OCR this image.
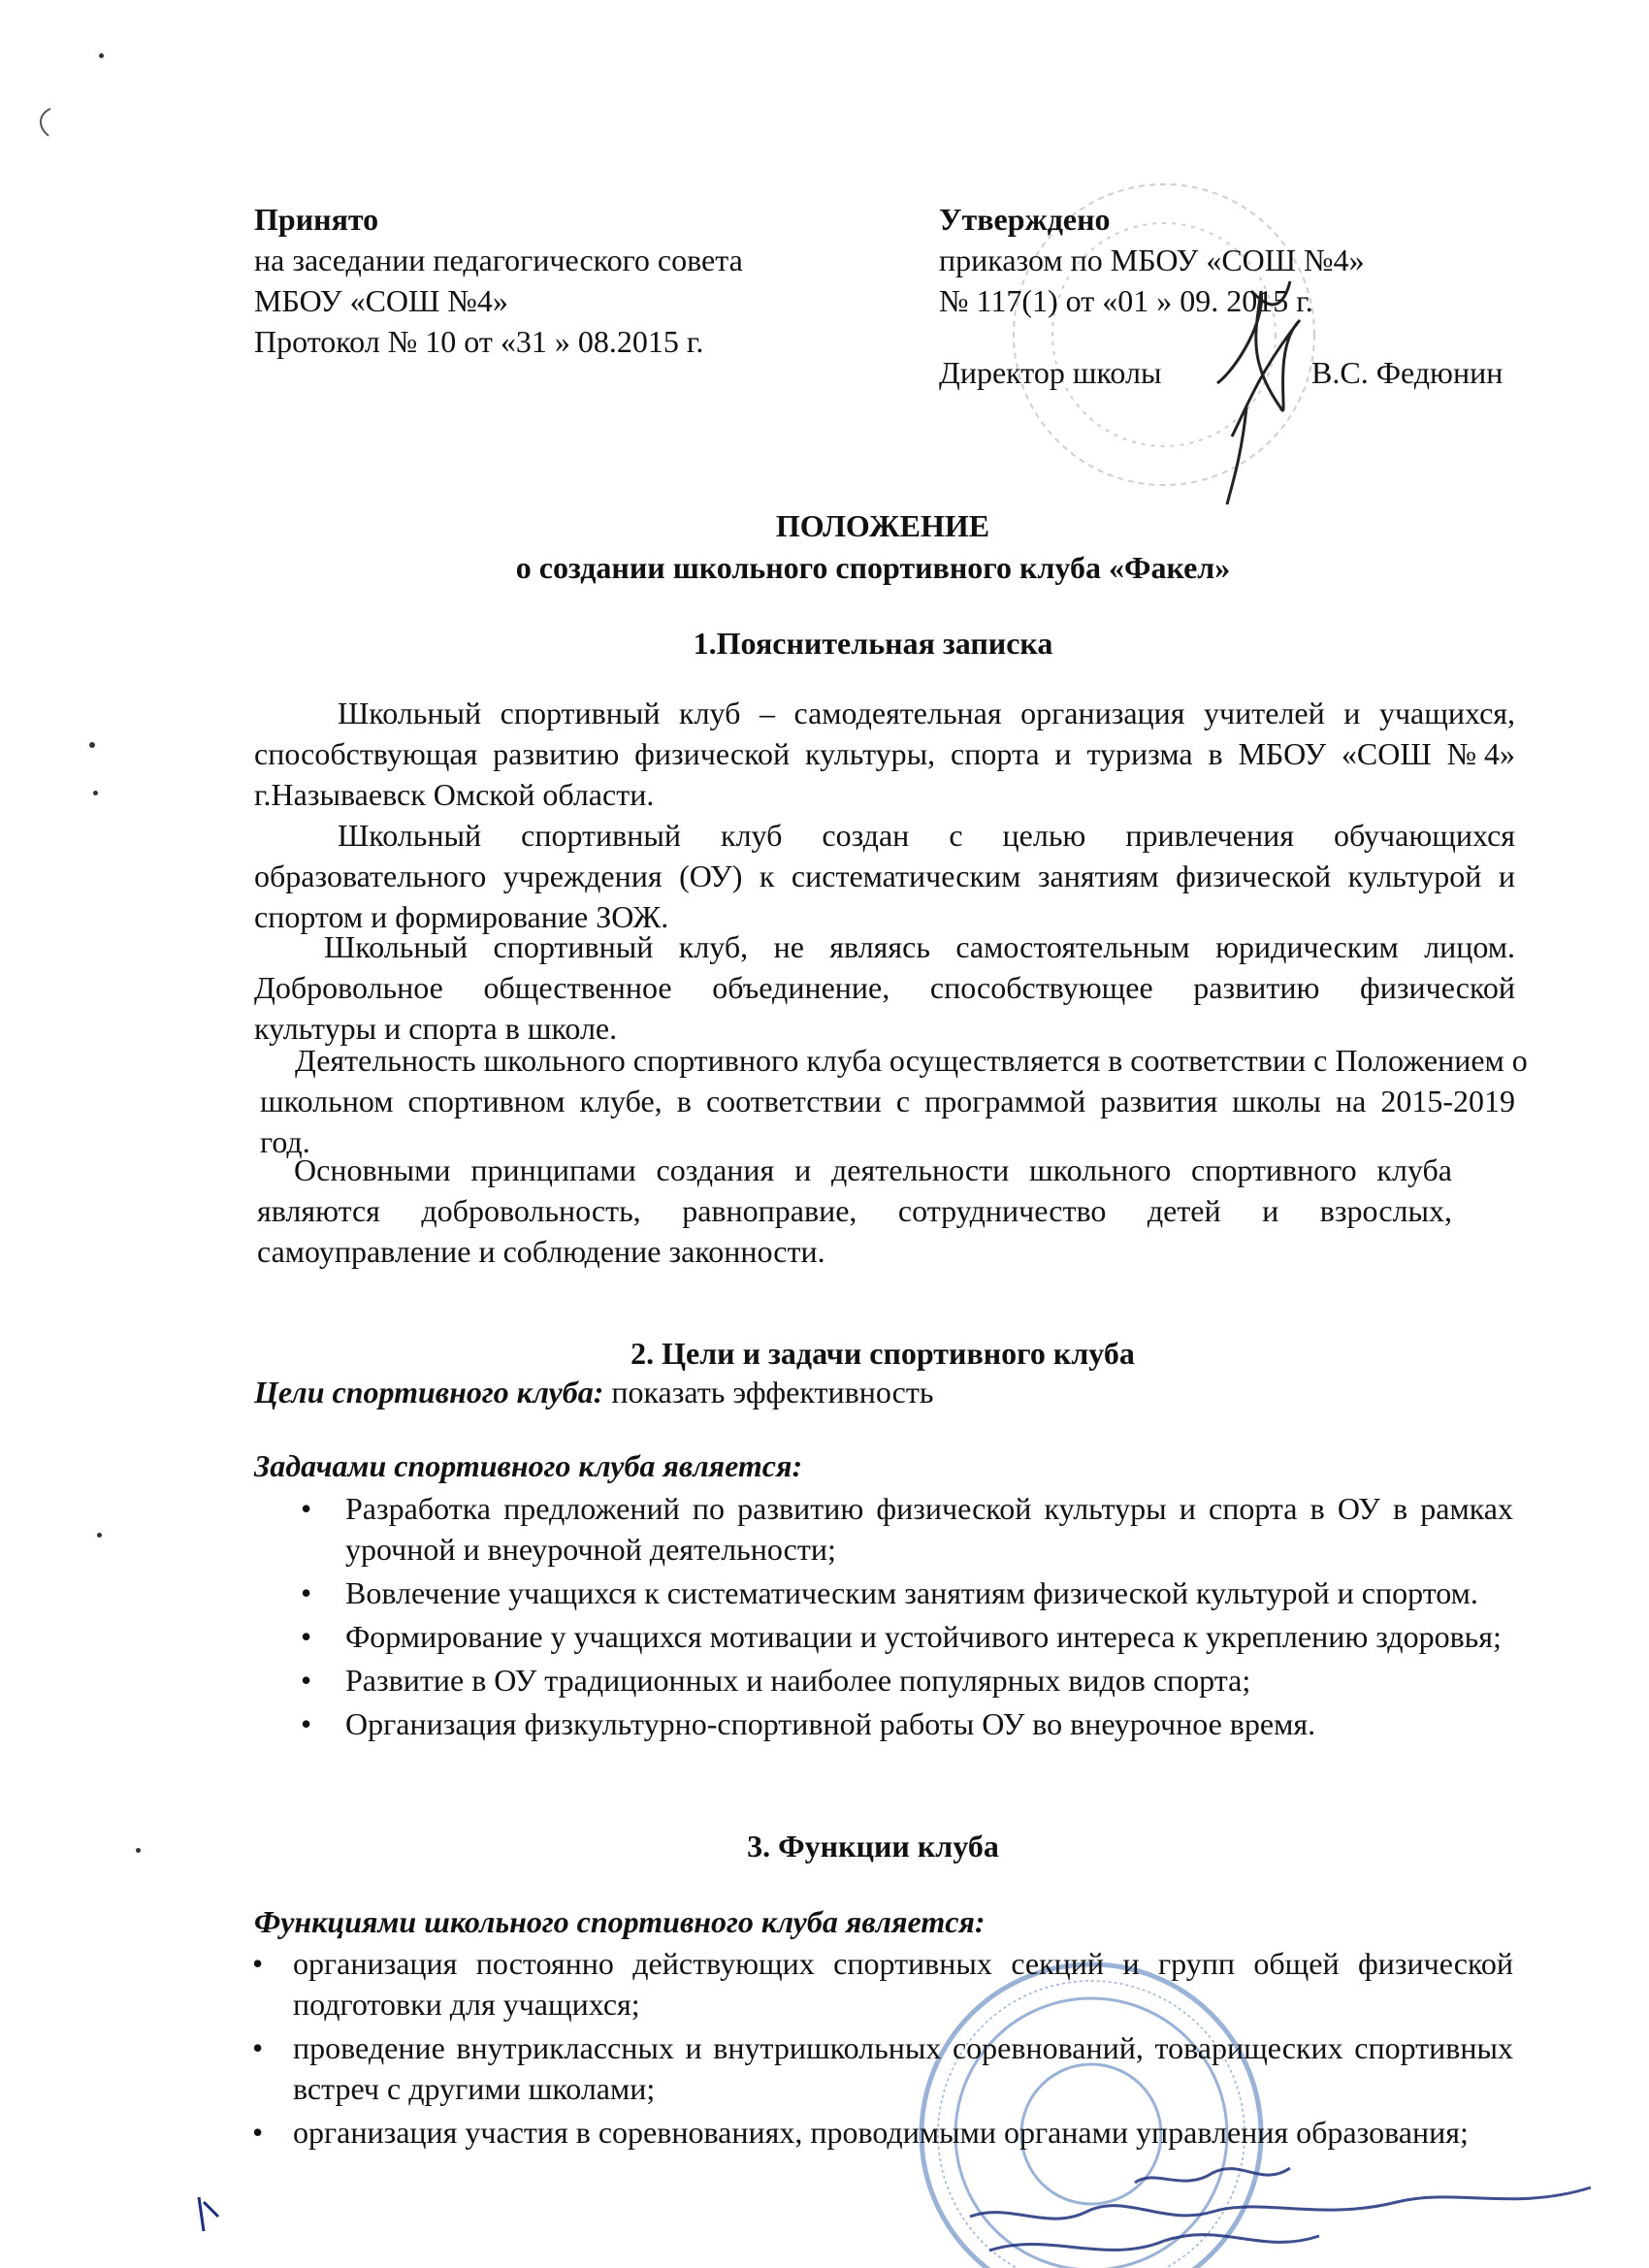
Принято
на заседании педагогического совета
МБОУ «СОШ №4»
Протокол № 10 от «31 » 08.2015 г.
Утверждено
приказом по МБОУ «СОШ №4»
№ 117(1) от «01 » 09. 2015 г.
Директор школы	В.С. Федюнин
ПОЛОЖЕНИЕ
о создании школьного спортивного клуба «Факел»
1.Пояснительная записка
Школьный спортивный клуб – самодеятельная организация учителей и учащихся,
способствующая развитию физической культуры, спорта и туризма в МБОУ «СОШ №4»
г.Называевск Омской области.
Школьный спортивный клуб создан с целью привлечения обучающихся
образовательного учреждения (ОУ) к систематическим занятиям физической культурой и
спортом и формирование ЗОЖ.
Школьный спортивный клуб, не являясь самостоятельным юридическим лицом.
Добровольное общественное объединение, способствующее развитию физической
культуры и спорта в школе.
Деятельность школьного спортивного клуба осуществляется в соответствии с Положением о
школьном спортивном клубе, в соответствии с программой развития школы на 2015-2019
год.
Основными принципами создания и деятельности школьного спортивного клуба
являются добровольность, равноправие, сотрудничество детей и взрослых,
самоуправление и соблюдение законности.
2. Цели и задачи спортивного клуба
Цели спортивного клуба: показать эффективность
Задачами спортивного клуба является:
• Разработка предложений по развитию физической культуры и спорта в ОУ в рамках урочной и внеурочной деятельности;
• Вовлечение учащихся к систематическим занятиям физической культурой и спортом.
• Формирование у учащихся мотивации и устойчивого интереса к укреплению здоровья;
• Развитие в ОУ традиционных и наиболее популярных видов спорта;
• Организация физкультурно-спортивной работы ОУ во внеурочное время.
3. Функции клуба
Функциями школьного спортивного клуба является:
• организация постоянно действующих спортивных секций и групп общей физической подготовки для учащихся;
• проведение внутриклассных и внутришкольных соревнований, товарищеских спортивных встреч с другими школами;
• организация участия в соревнованиях, проводимыми органами управления образования;
